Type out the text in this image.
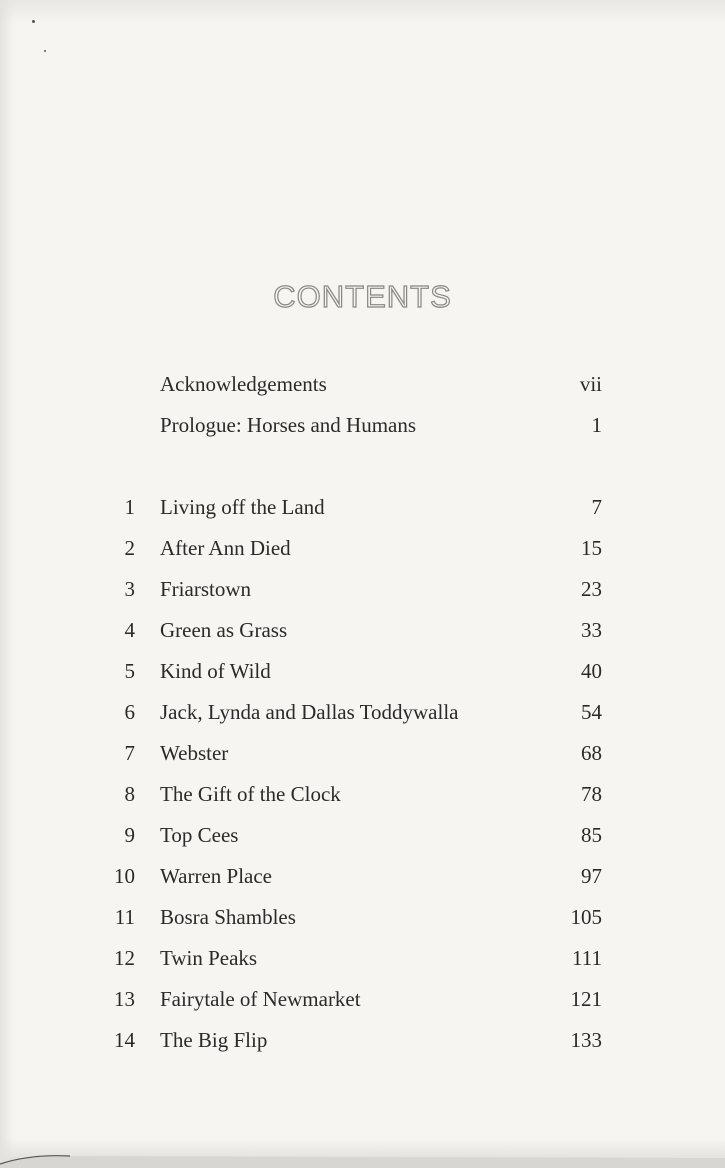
CONTENTS
Acknowledgements	vii
Prologue: Horses and Humans	1
1 Living off the Land	7
2 After Ann Died	15
3 Friarstown	23
4 Green as Grass	33
5 Kind of Wild	40
6 Jack, Lynda and Dallas Toddywalla	54
7 Webster	68
8 The Gift of the Clock	78
9 Top Cees	85
10 Warren Place	97
11 Bosra Shambles	105
12 Twin Peaks	111
13 Fairytale of Newmarket	121
14 The Big Flip	133
